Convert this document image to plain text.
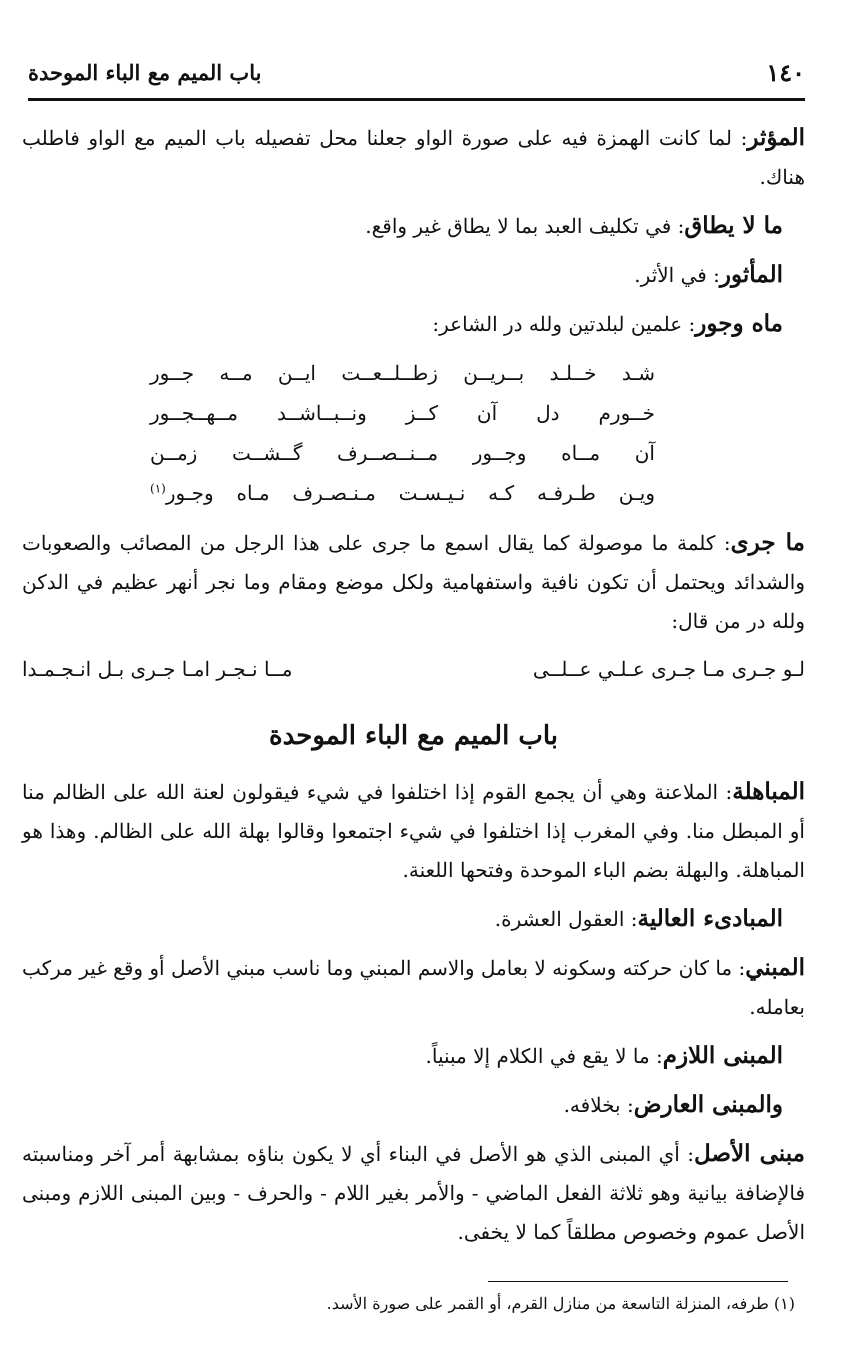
باب الميم مع الباء الموحدة	١٤٠

المؤثر: لما كانت الهمزة فيه على صورة الواو جعلنا محل تفصيله باب الميم مع الواو فاطلب هناك.

ما لا يطاق: في تكليف العبد بما لا يطاق غير واقع.

المأثور: في الأثر.

ماه وجور: علمين لبلدتين ولله در الشاعر:

شـد خــلـد بــريــن زطــلــعــت ايــن مــه جــور
خــورم دل آن كــز ونــبــاشــد مــهــجــور
آن مــاه وجــور مــنــصــرف گــشــت زمــن
ويـن طـرفـه كـه نـيـسـت مـنـصـرف مـاه وجـور$^{(١)}$

ما جرى: كلمة ما موصولة كما يقال اسمع ما جرى على هذا الرجل من المصائب والصعوبات والشدائد ويحتمل أن تكون نافية واستفهامية ولكل موضع ومقام وما نجر أنهر عظيم في الدكن ولله در من قال:

لـو جـرى مـا جـرى عـلـي عــلــى
مــا نـجـر امـا جـرى بـل انـجـمـدا
باب الميم مع الباء الموحدة

المباهلة: الملاعنة وهي أن يجمع القوم إذا اختلفوا في شيء فيقولون لعنة الله على الظالم منا أو المبطل منا. وفي المغرب إذا اختلفوا في شيء اجتمعوا وقالوا بهلة الله على الظالم. وهذا هو المباهلة. والبهلة بضم الباء الموحدة وفتحها اللعنة.

المبادىء العالية: العقول العشرة.

المبني: ما كان حركته وسكونه لا بعامل والاسم المبني وما ناسب مبني الأصل أو وقع غير مركب بعامله.

المبنى اللازم: ما لا يقع في الكلام إلا مبنياً.

والمبنى العارض: بخلافه.

مبنى الأصل: أي المبنى الذي هو الأصل في البناء أي لا يكون بناؤه بمشابهة أمر آخر ومناسبته فالإضافة بيانية وهو ثلاثة الفعل الماضي - والأمر بغير اللام - والحرف - وبين المبنى اللازم ومبنى الأصل عموم وخصوص مطلقاً كما لا يخفى.

(١) طرفه، المنزلة التاسعة من منازل القرم، أو القمر على صورة الأسد.
